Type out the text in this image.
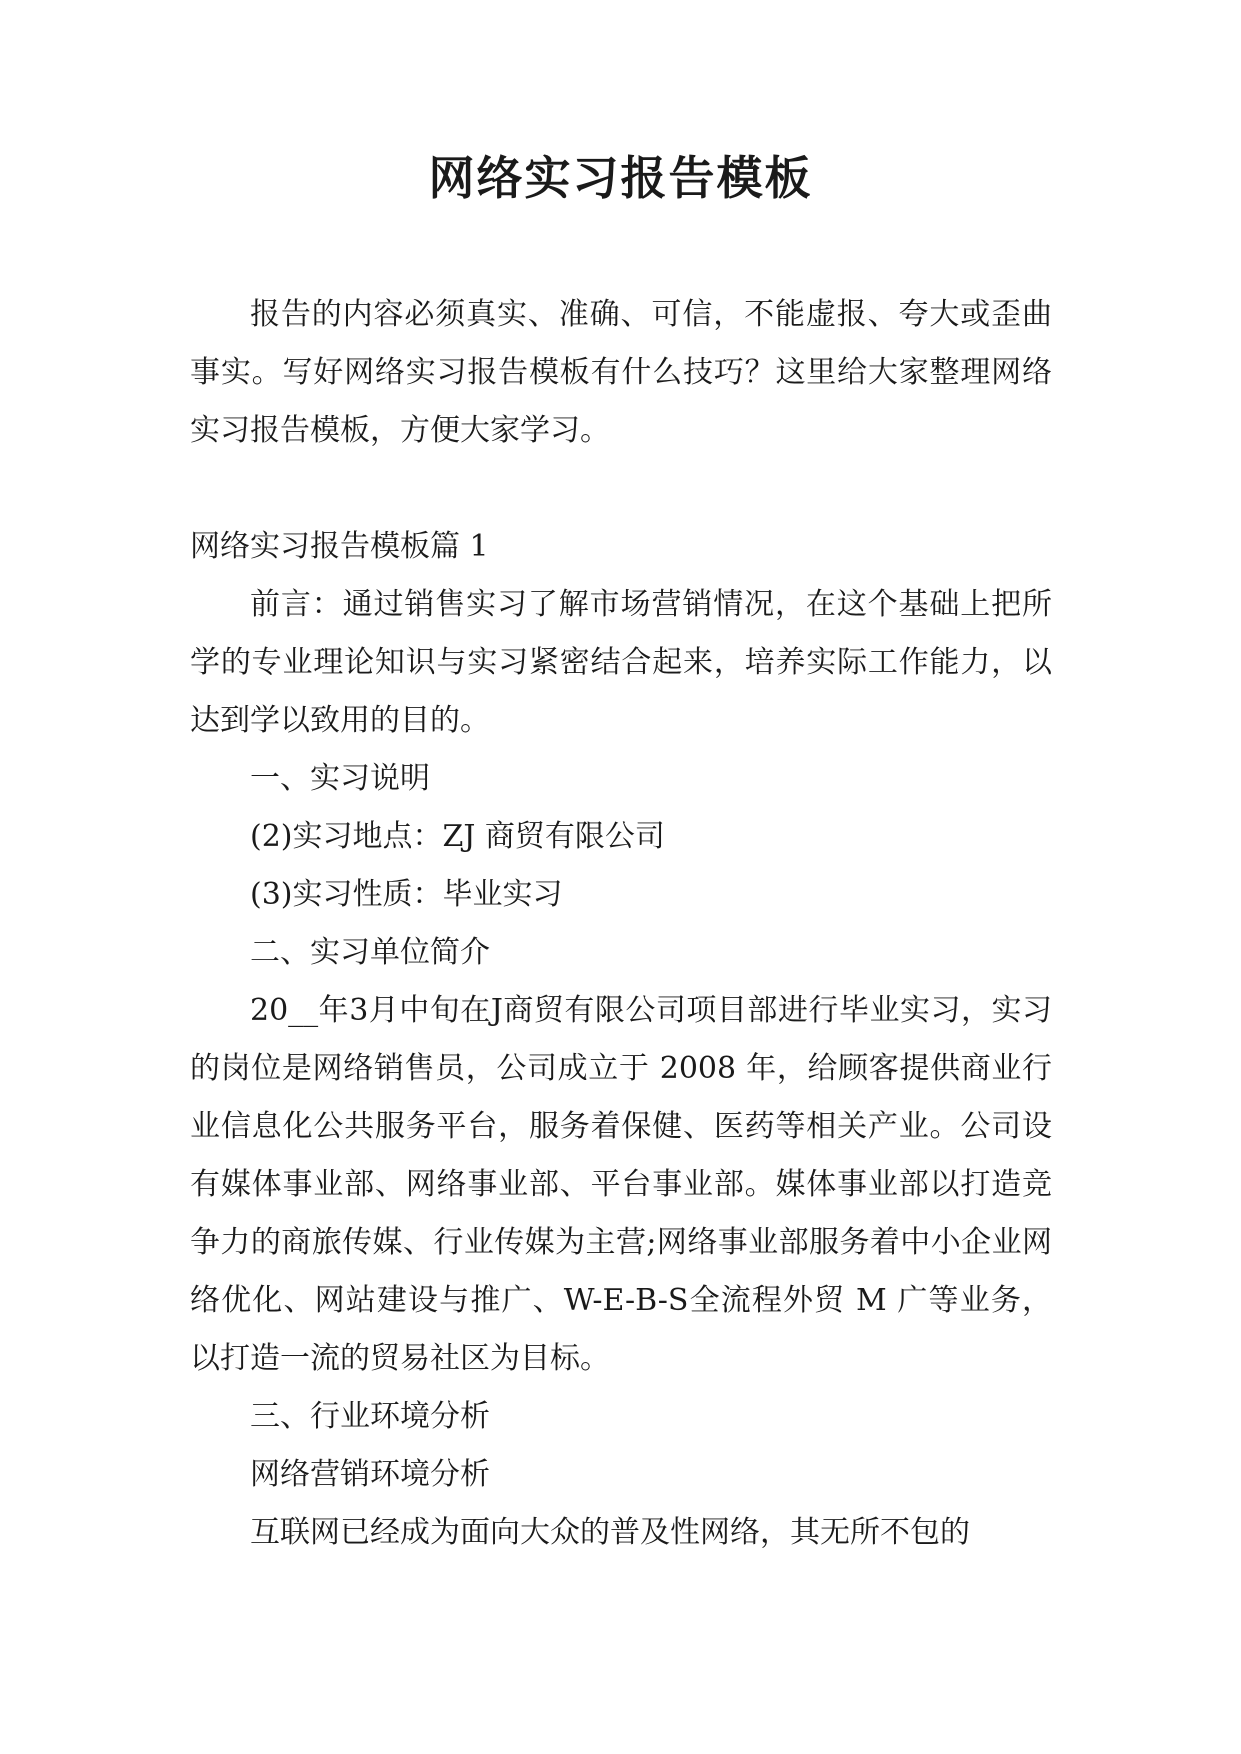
网络实习报告模板

报告的内容必须真实、准确、可信，不能虚报、夸大或歪曲事实。写好网络实习报告模板有什么技巧？这里给大家整理网络实习报告模板，方便大家学习。

网络实习报告模板篇 1

前言：通过销售实习了解市场营销情况，在这个基础上把所学的专业理论知识与实习紧密结合起来，培养实际工作能力，以达到学以致用的目的。

一、实习说明

(2)实习地点：ZJ 商贸有限公司

(3)实习性质：毕业实习

二、实习单位简介

20__年3月中旬在J商贸有限公司项目部进行毕业实习，实习的岗位是网络销售员，公司成立于 2008 年，给顾客提供商业行业信息化公共服务平台，服务着保健、医药等相关产业。公司设有媒体事业部、网络事业部、平台事业部。媒体事业部以打造竞争力的商旅传媒、行业传媒为主营;网络事业部服务着中小企业网络优化、网站建设与推广、W-E-B-S全流程外贸 M 广等业务，以打造一流的贸易社区为目标。

三、行业环境分析

网络营销环境分析

互联网已经成为面向大众的普及性网络，其无所不包的
